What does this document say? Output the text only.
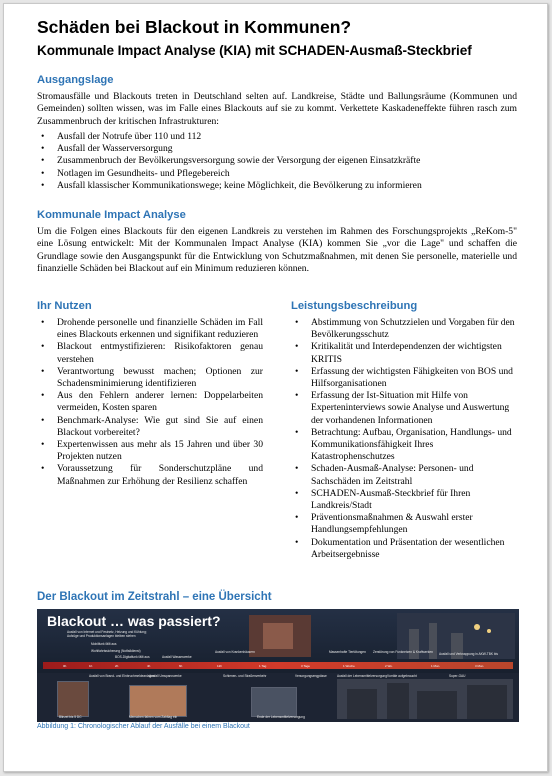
Schäden bei Blackout in Kommunen?
Kommunale Impact Analyse (KIA) mit SCHADEN-Ausmaß-Steckbrief
Ausgangslage
Stromausfälle und Blackouts treten in Deutschland selten auf. Landkreise, Städte und Ballungsräume (Kommunen und Gemeinden) sollten wissen, was im Falle eines Blackouts auf sie zu kommt. Verkettete Kaskadeneffekte führen rasch zum Zusammenbruch der kritischen Infrastrukturen:
• Ausfall der Notrufe über 110 und 112
• Ausfall der Wasserversorgung
• Zusammenbruch der Bevölkerungsversorgung sowie der Versorgung der eigenen Einsatzkräfte
• Notlagen im Gesundheits- und Pflegebereich
• Ausfall klassischer Kommunikationswege; keine Möglichkeit, die Bevölkerung zu informieren
Kommunale Impact Analyse
Um die Folgen eines Blackouts für den eigenen Landkreis zu verstehen im Rahmen des Forschungsprojekts „ReKom-5" eine Lösung entwickelt: Mit der Kommunalen Impact Analyse (KIA) kommen Sie „vor die Lage" und schaffen die Grundlage sowie den Ausgangspunkt für die Entwicklung von Schutzmaßnahmen, mit denen Sie personelle, materielle und finanzielle Schäden bei Blackout auf ein Minimum reduzieren können.
Ihr Nutzen
• Drohende personelle und finanzielle Schäden im Fall eines Blackouts erkennen und signifikant reduzieren
• Blackout entmystifizieren: Risikofaktoren genau verstehen
• Verantwortung bewusst machen; Optionen zur Schadensminimierung identifizieren
• Aus den Fehlern anderer lernen: Doppelarbeiten vermeiden, Kosten sparen
• Benchmark-Analyse: Wie gut sind Sie auf einen Blackout vorbereitet?
• Expertenwissen aus mehr als 15 Jahren und über 30 Projekten nutzen
• Voraussetzung für Sonderschutzpläne und Maßnahmen zur Erhöhung der Resilienz schaffen
Leistungsbeschreibung
• Abstimmung von Schutzzielen und Vorgaben für den Bevölkerungsschutz
• Kritikalität und Interdependenzen der wichtigsten KRITIS
• Erfassung der wichtigsten Fähigkeiten von BOS und Hilfsorganisationen
• Erfassung der Ist-Situation mit Hilfe von Experteninterviews sowie Analyse und Auswertung der vorhandenen Informationen
• Betrachtung: Aufbau, Organisation, Handlungs- und Kommunikationsfähigkeit Ihres Katastrophenschutzes
• Schaden-Ausmaß-Analyse: Personen- und Sachschäden im Zeitstrahl
• SCHADEN-Ausmaß-Steckbrief für Ihren Landkreis/Stadt
• Präventionsmaßnahmen & Auswahl erster Handlungsempfehlungen
• Dokumentation und Präsentation der wesentlichen Arbeitsergebnisse
Der Blackout im Zeitstrahl – eine Übersicht
Blackout … was passiert?
Ausfall von Internet und Festnetz, Heizung und Kühlung;
Aufzüge und Produktionsanlagen bleiben stehen
Mobilfunk fällt aus
Wohlfahrtssicherung (Notfalldienst)
BOS-Digitalfunk fällt aus	Ausfall Wasserwerke
Ausfall von Krankenhäusern	Massenhafte Tiertötungen Zerstörung von Funknetzen & Kraftwerken Ausfall und Verknappung in AKW-TBK bis
0h	1h	2h	4h	6h	12h	1 Tag	3 Tage	1 Woche	2 Wo.	1 Mon.	3 Mon.
Ausfall von Brand- und Einbruchmeldeanlagen
Ausfall Umspannwerke	Schienen- und Straßenverkehr	Versorgungsengpässe	Ausfall der Lebensmittelversorgung Vorräte aufgebraucht	Super-GAU
Blinzel bis 5 DC	Menschen fahren vom Zahltag ein	Ende der Lebensmittelversorgung
Abbildung 1: Chronologischer Ablauf der Ausfälle bei einem Blackout
